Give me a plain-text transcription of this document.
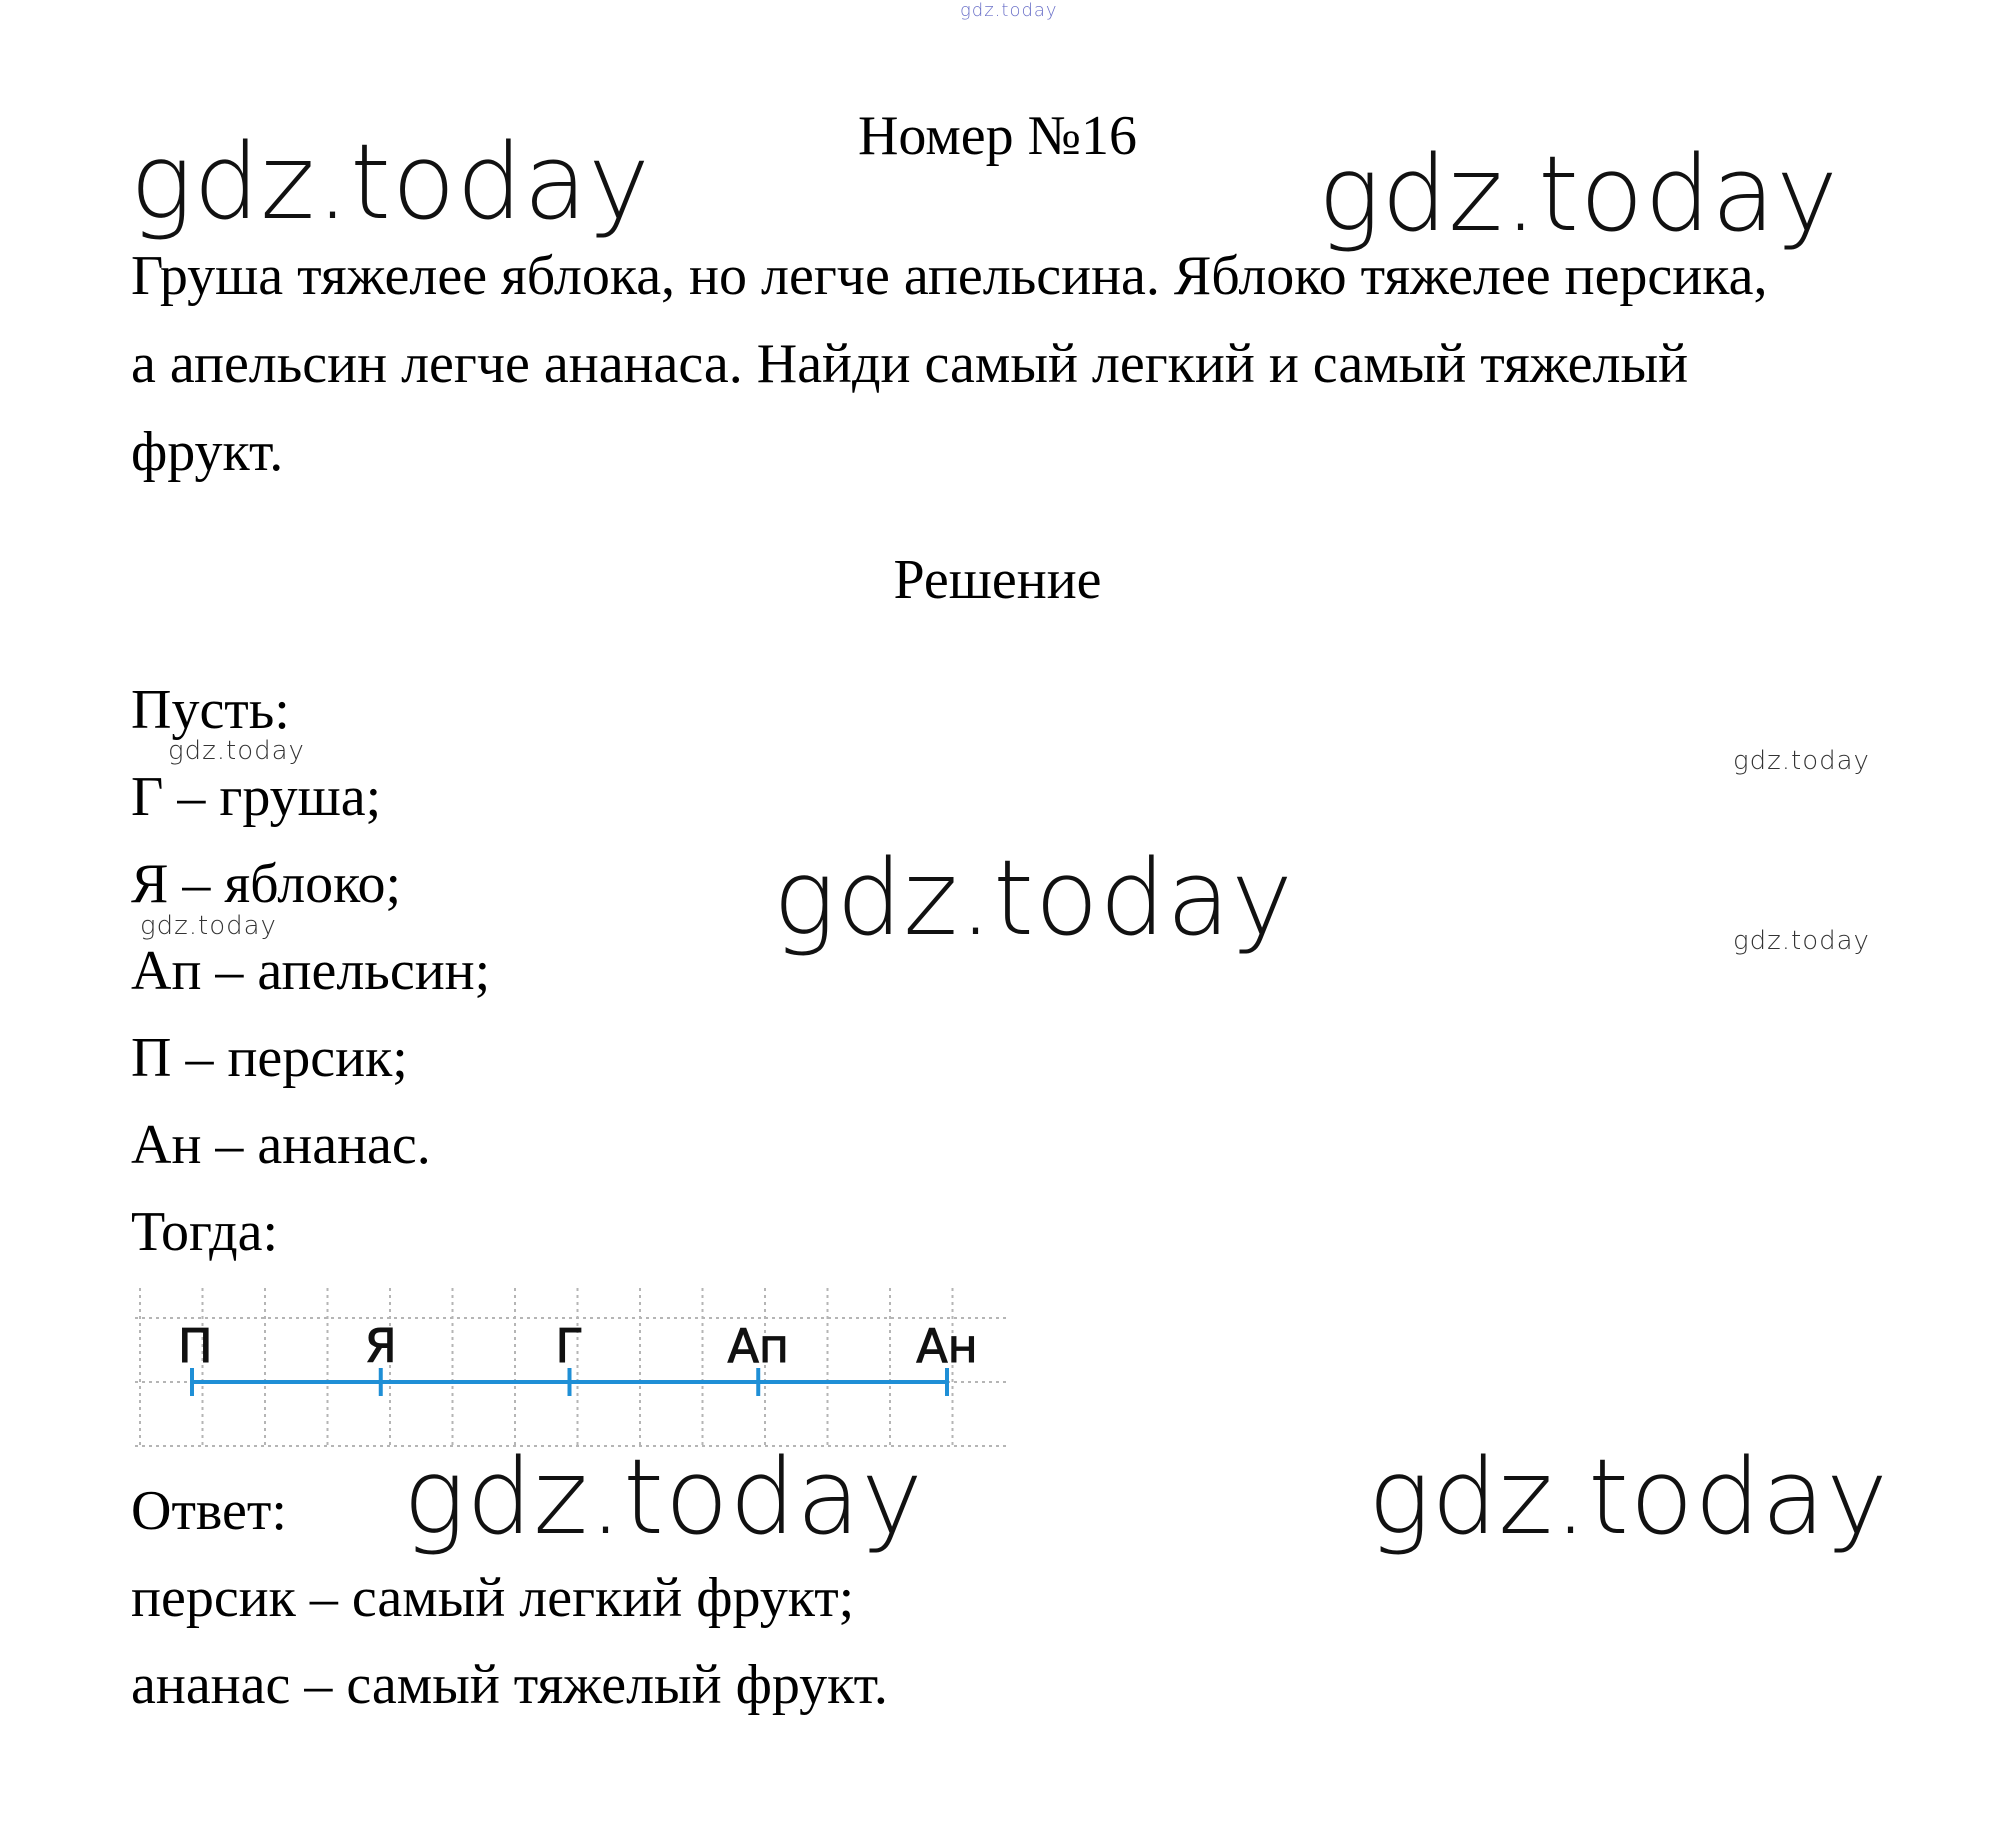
gdz.today
gdz.today	gdz.today
gdz.today	gdz.today
gdz.today
gdz.today	gdz.today
gdz.today	gdz.today
Номер №16

Груша тяжелее яблока, но легче апельсина. Яблоко тяжелее персика,

а апельсин легче ананаса. Найди самый легкий и самый тяжелый

фрукт.

Решение
Пусть:
Г – груша;
Я – яблоко;
Ап – апельсин;
П – персик;
Ан – ананас.
Тогда:
П	Я	Г	Ап	Ан
Ответ:
персик – самый легкий фрукт;
ананас – самый тяжелый фрукт.
